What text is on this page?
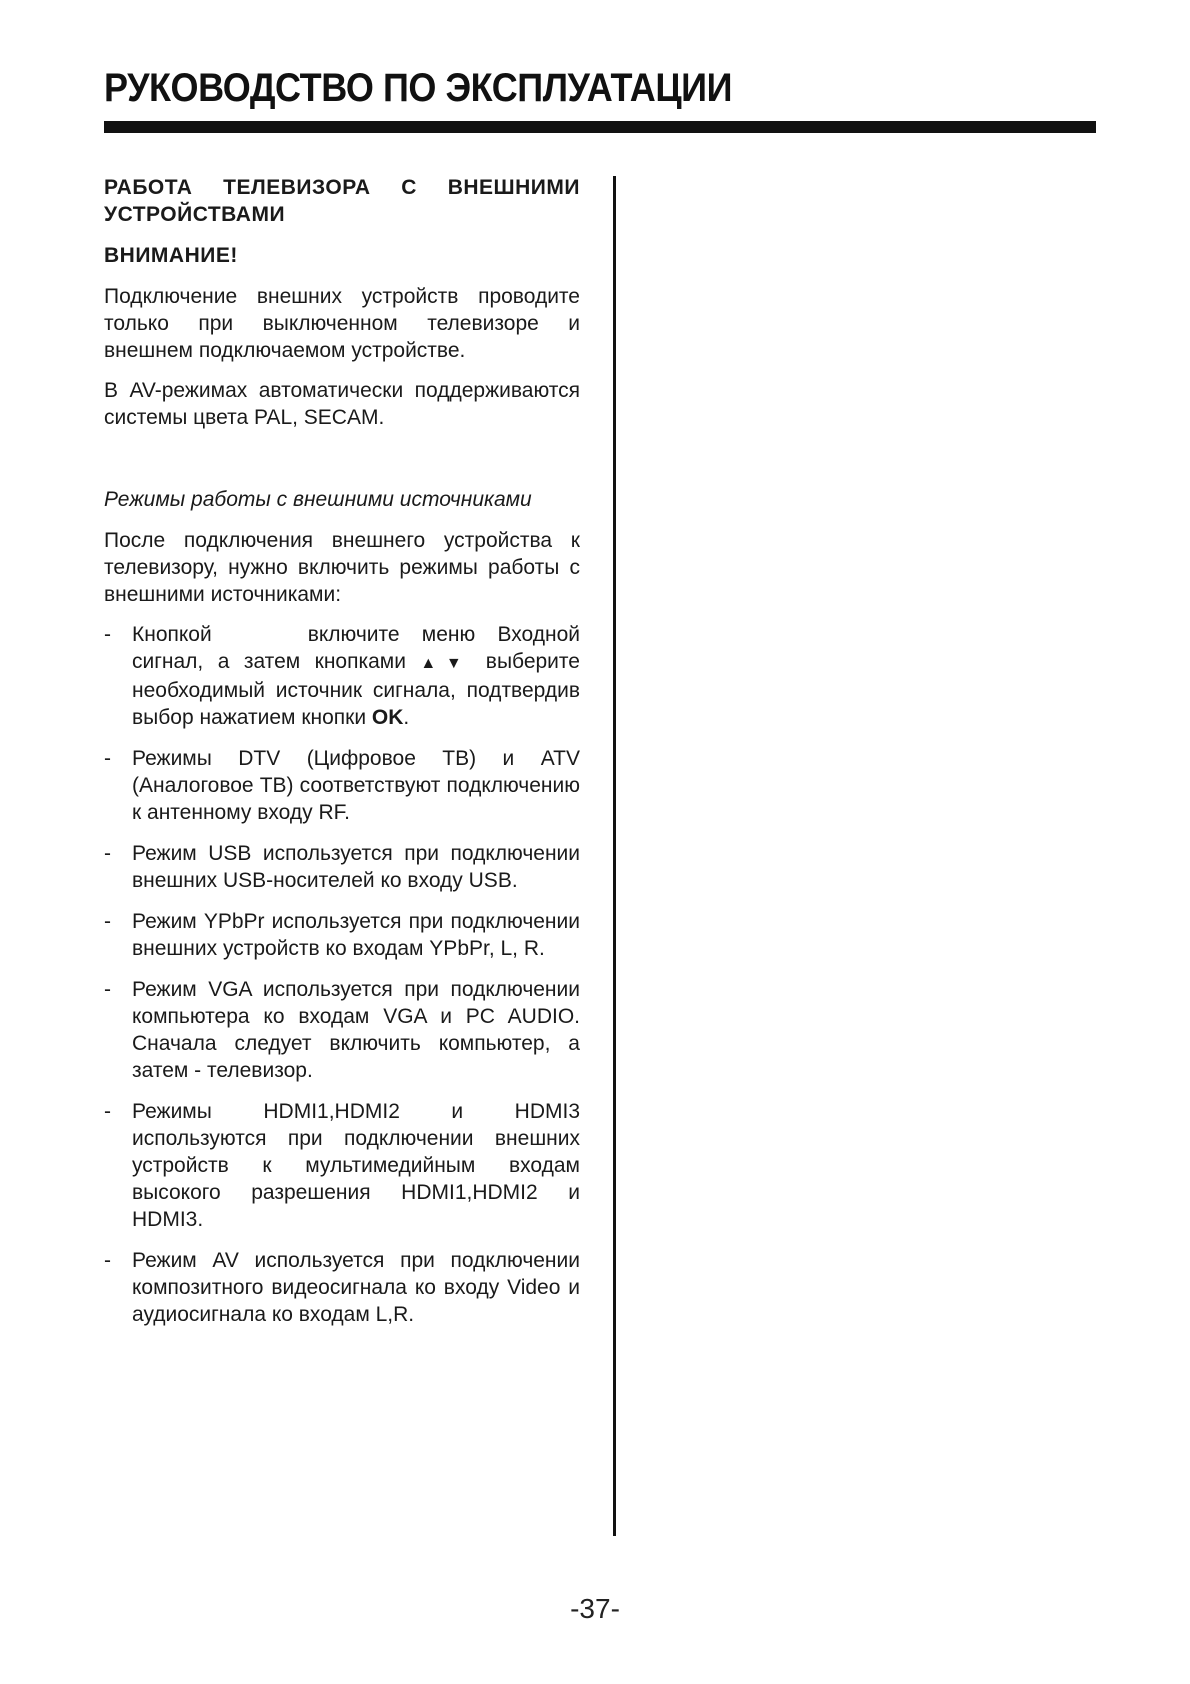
РУКОВОДСТВО ПО ЭКСПЛУАТАЦИИ
РАБОТА ТЕЛЕВИЗОРА С ВНЕШНИМИ УСТРОЙСТВАМИ
ВНИМАНИЕ!

Подключение внешних устройств проводите только при выключенном телевизоре и внешнем подключаемом устройстве.

В AV-режимах автоматически поддерживаются системы цвета PAL, SECAM.

Режимы работы с внешними источниками

После подключения внешнего устройства к телевизору, нужно включить режимы работы с внешними источниками:

- Кнопкой	включите меню Входной сигнал, а затем кнопками ▲▼ выберите необходимый источник сигнала, подтвердив выбор нажатием кнопки OK.
- Режимы DTV (Цифровое ТВ) и ATV (Аналоговое ТВ) соответствуют подключению к антенному входу RF.
- Режим USB используется при подключении внешних USB-носителей ко входу USB.
- Режим YPbPr используется при подключении внешних устройств ко входам YPbPr, L, R.
- Режим VGA используется при подключении компьютера ко входам VGA и PC AUDIO. Сначала следует включить компьютер, а затем - телевизор.
- Режимы HDMI1,HDMI2 и HDMI3 используются при подключении внешних устройств к мультимедийным входам высокого разрешения HDMI1,HDMI2 и HDMI3.
- Режим AV используется при подключении композитного видеосигнала ко входу Video и аудиосигнала ко входам L,R.
-37-
